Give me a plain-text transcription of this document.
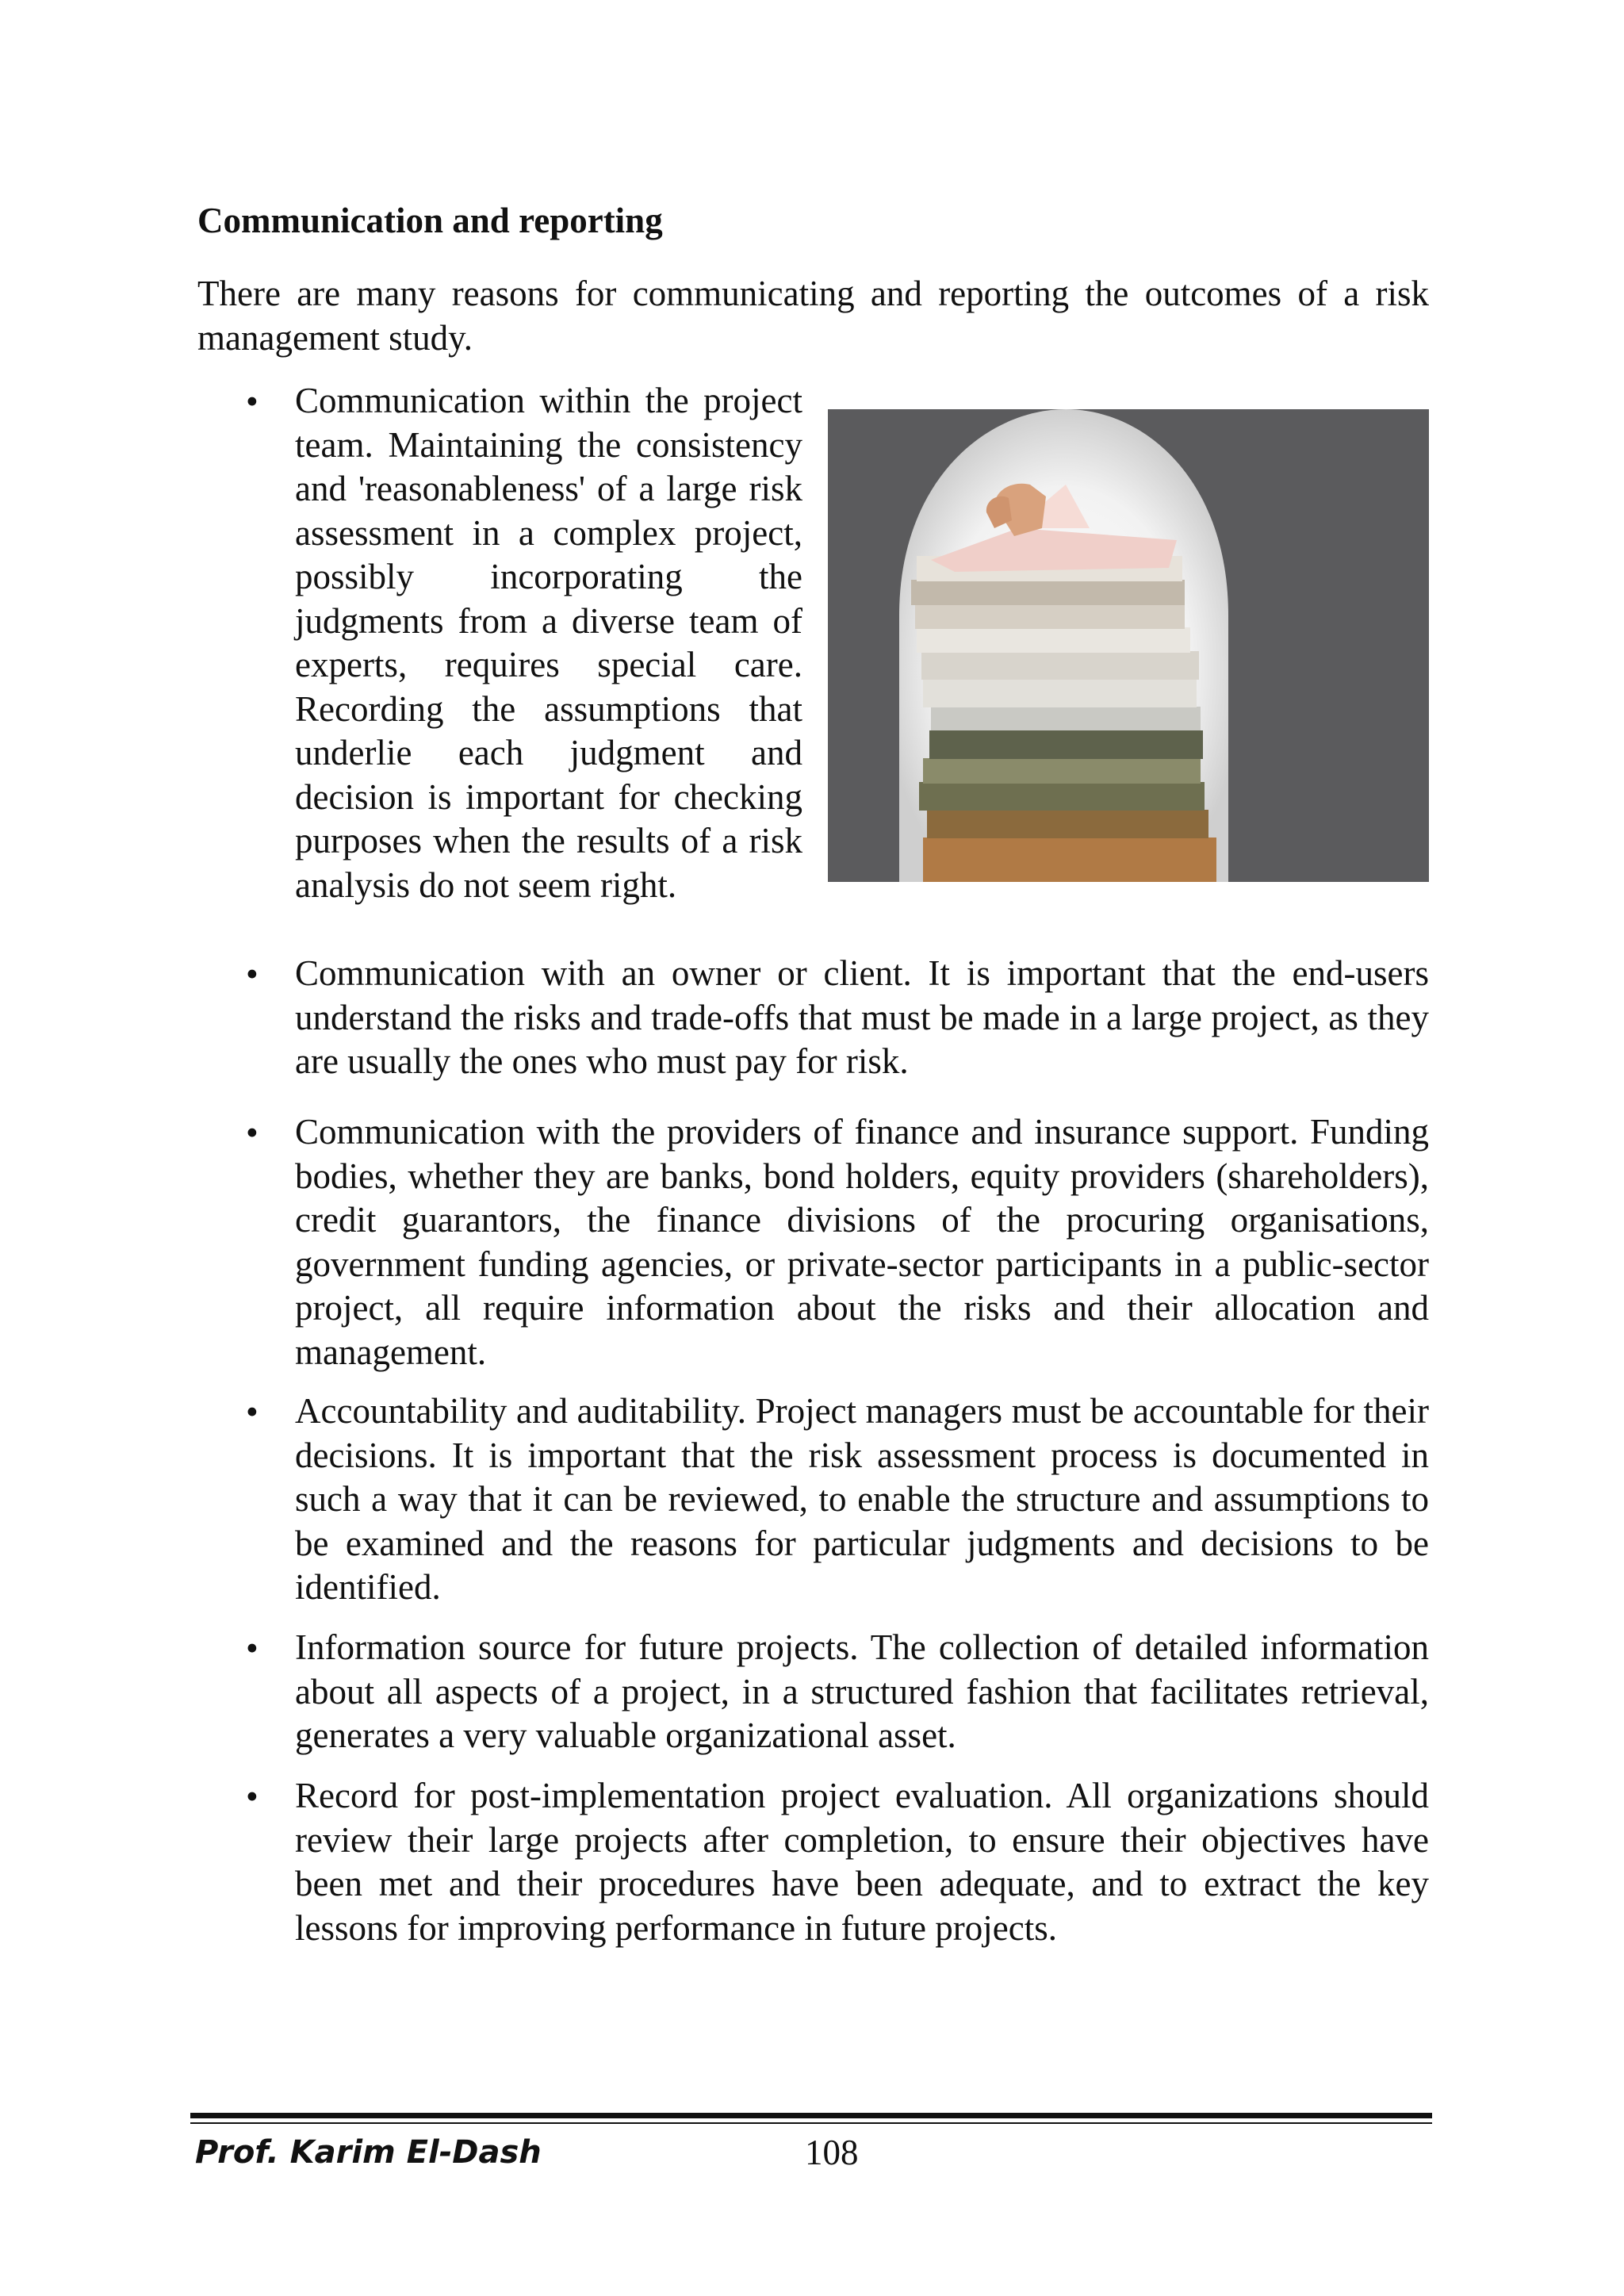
Communication and reporting

There are many reasons for communicating and reporting the outcomes of a risk management study.

• Communication within the project team. Maintaining the consistency and 'reasonableness' of a large risk assessment in a complex project, possibly incorporating the judgments from a diverse team of experts, requires special care. Recording the assumptions that underlie each judgment and decision is important for checking purposes when the results of a risk analysis do not seem right.

• Communication with an owner or client. It is important that the end-users understand the risks and trade-offs that must be made in a large project, as they are usually the ones who must pay for risk.

• Communication with the providers of finance and insurance support. Funding bodies, whether they are banks, bond holders, equity providers (shareholders), credit guarantors, the finance divisions of the procuring organisations, government funding agencies, or private-sector participants in a public-sector project, all require information about the risks and their allocation and management.

• Accountability and auditability. Project managers must be accountable for their decisions. It is important that the risk assessment process is documented in such a way that it can be reviewed, to enable the structure and assumptions to be examined and the reasons for particular judgments and decisions to be identified.

• Information source for future projects. The collection of detailed information about all aspects of a project, in a structured fashion that facilitates retrieval, generates a very valuable organizational asset.

• Record for post-implementation project evaluation. All organizations should review their large projects after completion, to ensure their objectives have been met and their procedures have been adequate, and to extract the key lessons for improving performance in future projects.

Prof. Karim El-Dash	108
